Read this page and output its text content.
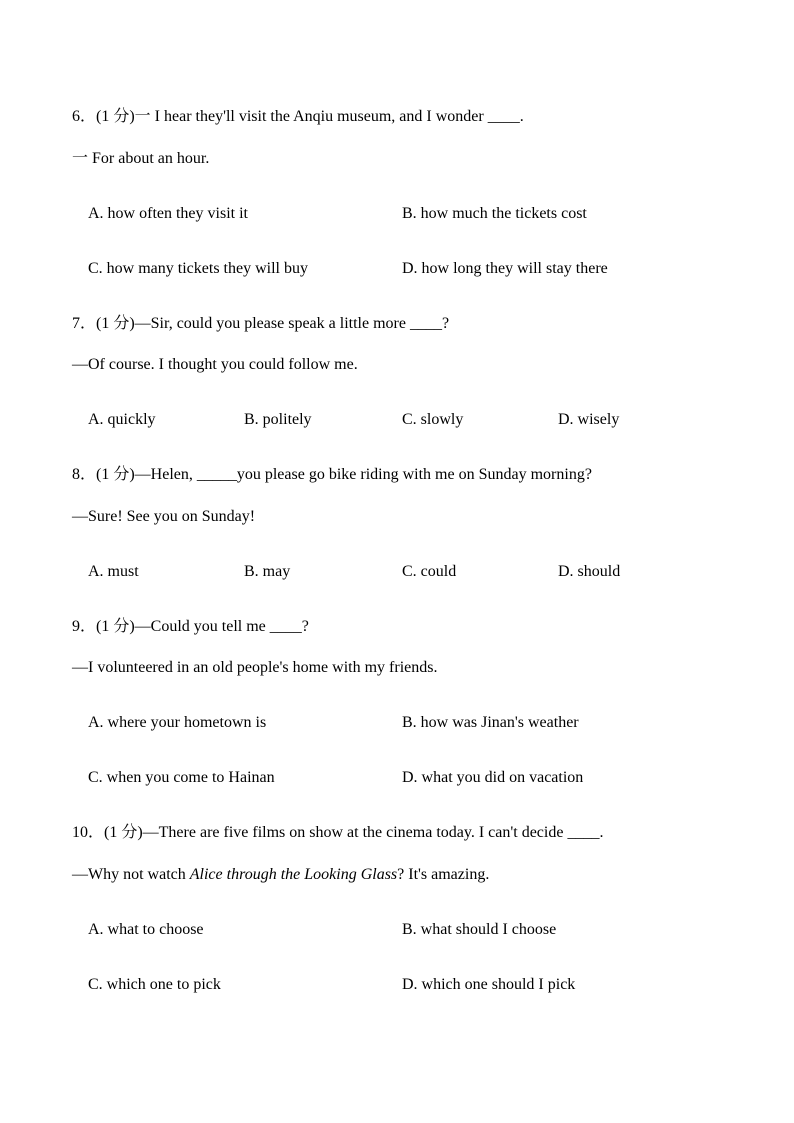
6．(1 分)一 I hear they'll visit the Anqiu museum, and I wonder ____.
一 For about an hour.
A. how often they visit it	B. how much the tickets cost
C. how many tickets they will buy	D. how long they will stay there
7．(1 分)—Sir, could you please speak a little more ____?
—Of course. I thought you could follow me.
A. quickly	B. politely	C. slowly	D. wisely
8．(1 分)—Helen, _____you please go bike riding with me on Sunday morning?
—Sure! See you on Sunday!
A. must	B. may	C. could	D. should
9．(1 分)—Could you tell me ____?
—I volunteered in an old people's home with my friends.
A. where your hometown is	B. how was Jinan's weather
C. when you come to Hainan	D. what you did on vacation
10．(1 分)—There are five films on show at the cinema today. I can't decide ____.
—Why not watch Alice through the Looking Glass? It's amazing.
A. what to choose	B. what should I choose
C. which one to pick	D. which one should I pick
